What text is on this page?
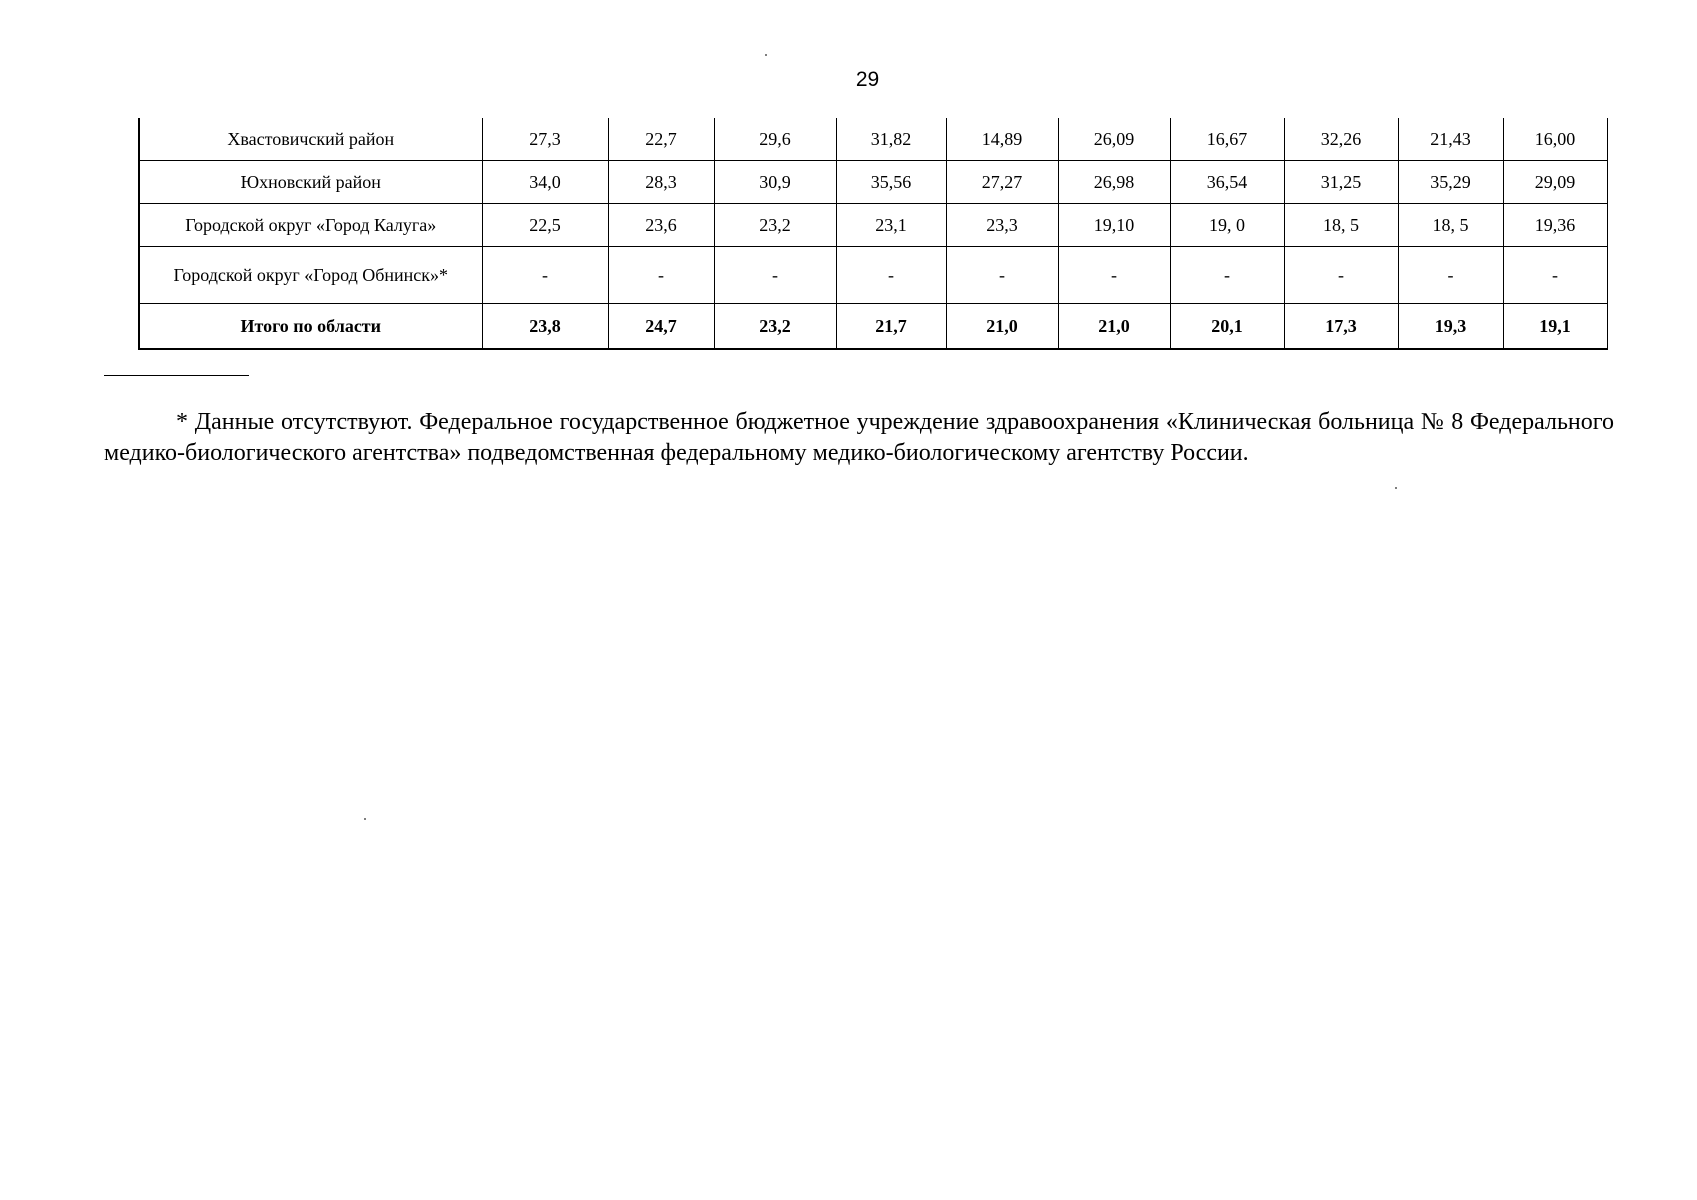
29
Хвастовичский район	27,3	22,7	29,6	31,82	14,89	26,09	16,67	32,26	21,43	16,00
Юхновский район	34,0	28,3	30,9	35,56	27,27	26,98	36,54	31,25	35,29	29,09
Городской округ «Город Калуга»	22,5	23,6	23,2	23,1	23,3	19,10	19, 0	18, 5	18, 5	19,36
Городской округ «Город Обнинск»*	-	-	-	-	-	-	-	-	-	-
Итого по области	23,8	24,7	23,2	21,7	21,0	21,0	20,1	17,3	19,3	19,1

* Данные отсутствуют. Федеральное государственное бюджетное учреждение здравоохранения «Клиническая больница № 8 Федерального медико-биологического агентства» подведомственная федеральному медико-биологическому агентству России.
